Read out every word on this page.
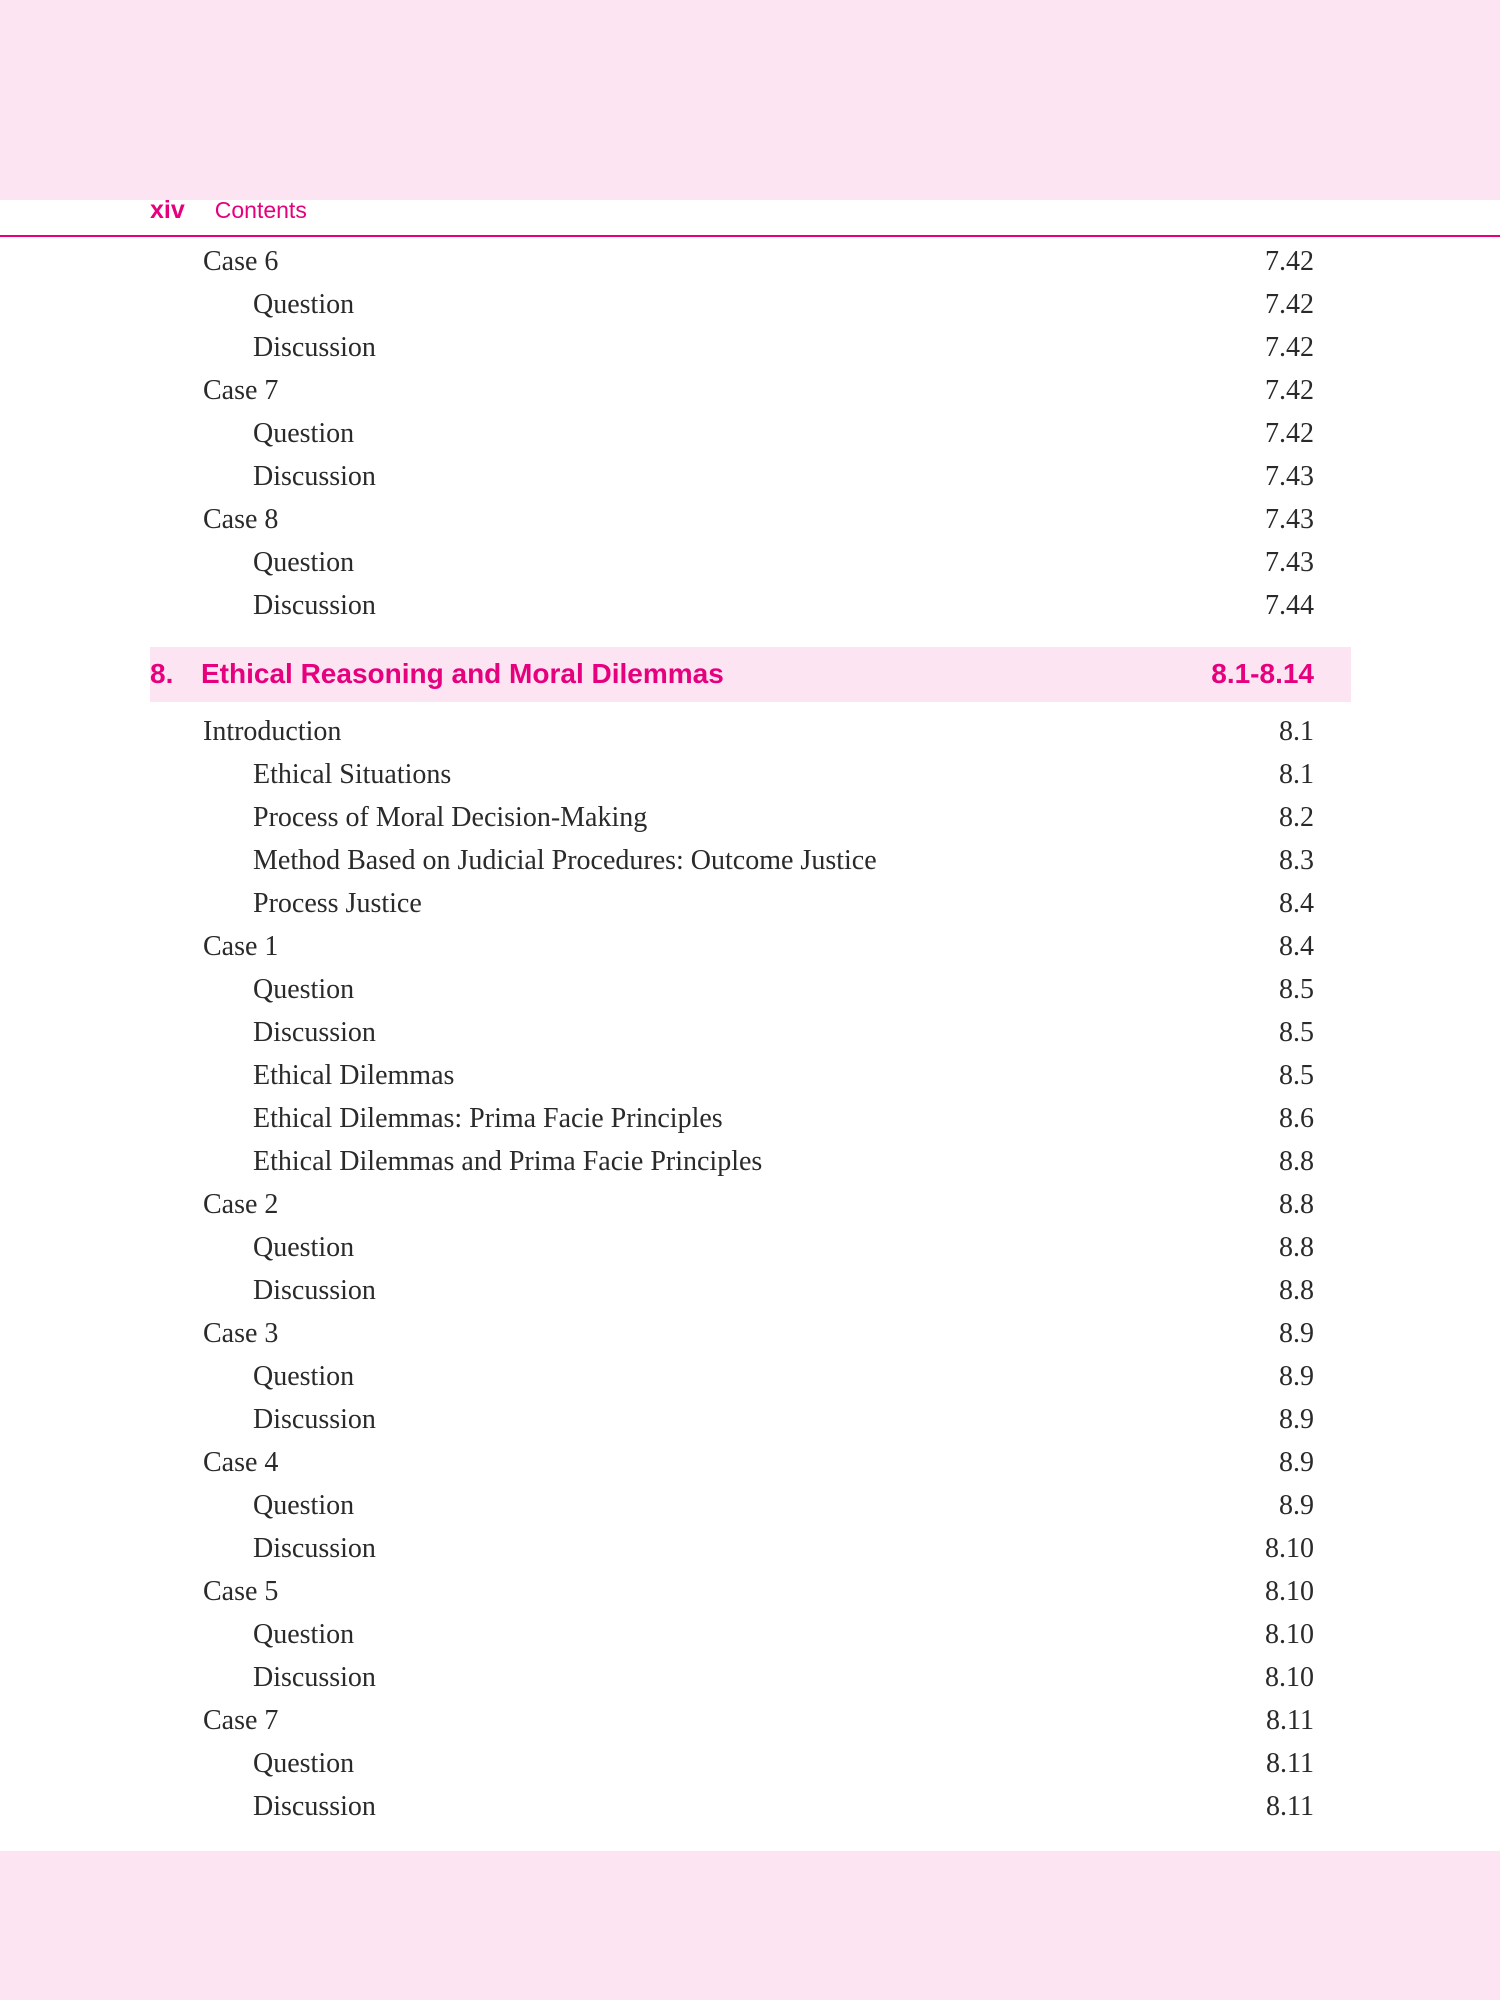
xiv Contents
Case 6	7.42
Question	7.42
Discussion	7.42
Case 7	7.42
Question	7.42
Discussion	7.43
Case 8	7.43
Question	7.43
Discussion	7.44
8. Ethical Reasoning and Moral Dilemmas	8.1-8.14
Introduction	8.1
Ethical Situations	8.1
Process of Moral Decision-Making	8.2
Method Based on Judicial Procedures: Outcome Justice	8.3
Process Justice	8.4
Case 1	8.4
Question	8.5
Discussion	8.5
Ethical Dilemmas	8.5
Ethical Dilemmas: Prima Facie Principles	8.6
Ethical Dilemmas and Prima Facie Principles	8.8
Case 2	8.8
Question	8.8
Discussion	8.8
Case 3	8.9
Question	8.9
Discussion	8.9
Case 4	8.9
Question	8.9
Discussion	8.10
Case 5	8.10
Question	8.10
Discussion	8.10
Case 7	8.11
Question	8.11
Discussion	8.11
